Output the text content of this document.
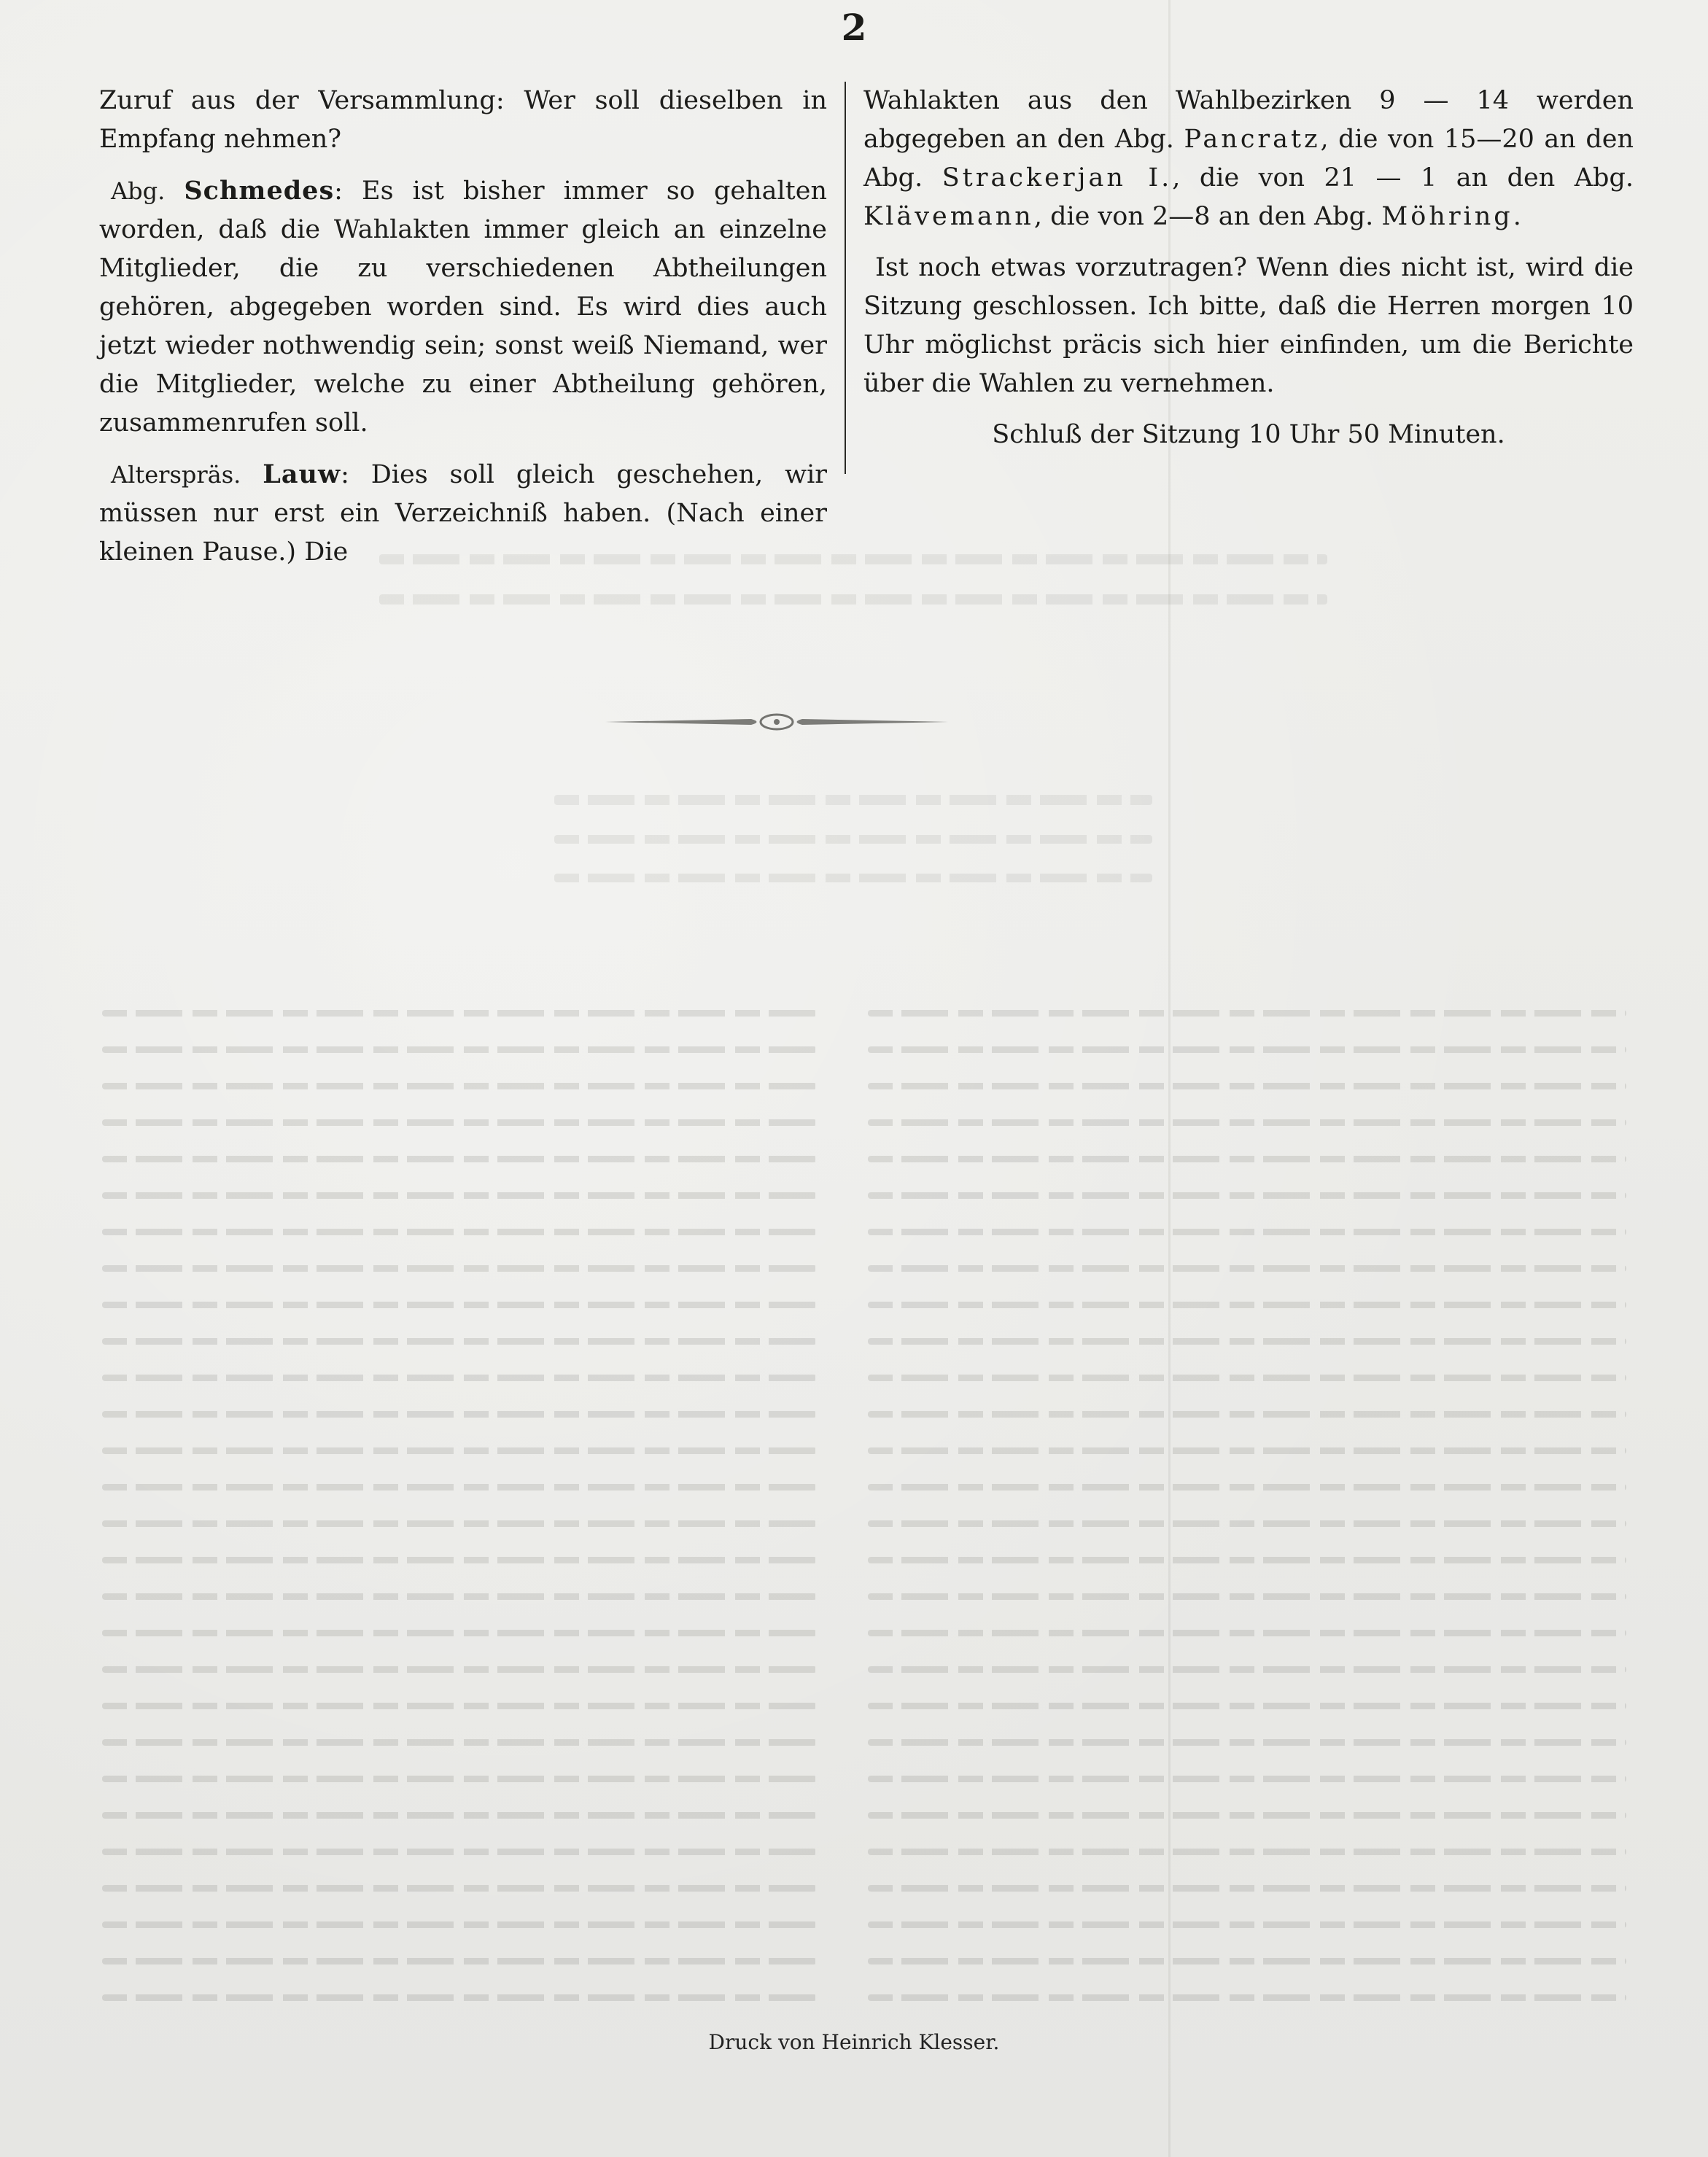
2

Zuruf aus der Versammlung: Wer soll dieselben in Empfang nehmen?

Abg. Schmedes: Es ist bisher immer so gehalten worden, daß die Wahlakten immer gleich an einzelne Mitglieder, die zu verschiedenen Abtheilungen gehören, abgegeben worden sind. Es wird dies auch jetzt wieder nothwendig sein; sonst weiß Niemand, wer die Mitglieder, welche zu einer Abtheilung gehören, zusammenrufen soll.

Alterspräs. Lauw: Dies soll gleich geschehen, wir müssen nur erst ein Verzeichniß haben. (Nach einer kleinen Pause.) Die

Wahlakten aus den Wahlbezirken 9 — 14 werden abgegeben an den Abg. Pancratz, die von 15—20 an den Abg. Strackerjan I., die von 21 — 1 an den Abg. Klävemann, die von 2—8 an den Abg. Möhring.

Ist noch etwas vorzutragen? Wenn dies nicht ist, wird die Sitzung geschlossen. Ich bitte, daß die Herren morgen 10 Uhr möglichst präcis sich hier einfinden, um die Berichte über die Wahlen zu vernehmen.

Schluß der Sitzung 10 Uhr 50 Minuten.

Druck von Heinrich Klesser.
